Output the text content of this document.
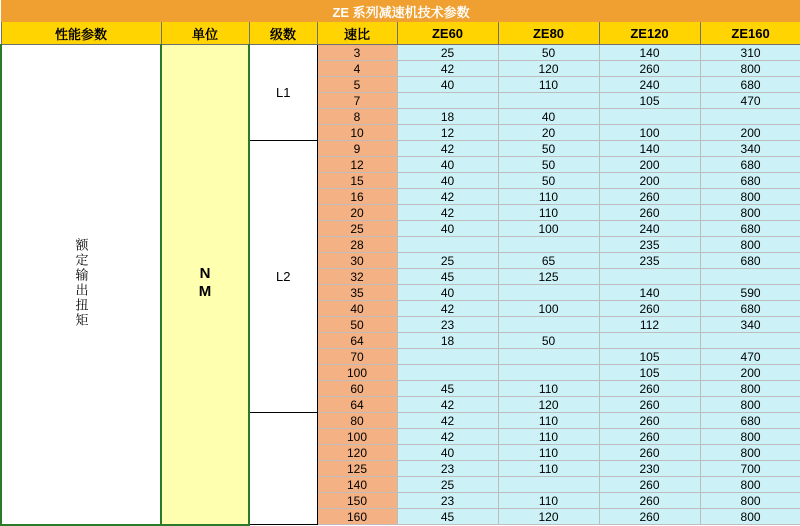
ZE 系列减速机技术参数							
性能参数	单位	级数	速比	ZE60	ZE80	ZE120	ZE160
额定输出扭矩	NM	L1	3	25	50	140	310
			4	42	120	260	800
			5	40	110	240	680
			7			105	470
			8	18	40		
			10	12	20	100	200
		L2	9	42	50	140	340
			12	40	50	200	680
			15	40	50	200	680
			16	42	110	260	800
			20	42	110	260	800
			25	40	100	240	680
			28			235	800
			30	25	65	235	680
			32	45	125		
			35	40		140	590
			40	42	100	260	680
			50	23		112	340
			64	18	50		
			70			105	470
			100			105	200
			60	45	110	260	800
			64	42	120	260	800
			80	42	110	260	680
			100	42	110	260	800
			120	40	110	260	800
			125	23	110	230	700
			140	25		260	800
			150	23	110	260	800
			160	45	120	260	800
